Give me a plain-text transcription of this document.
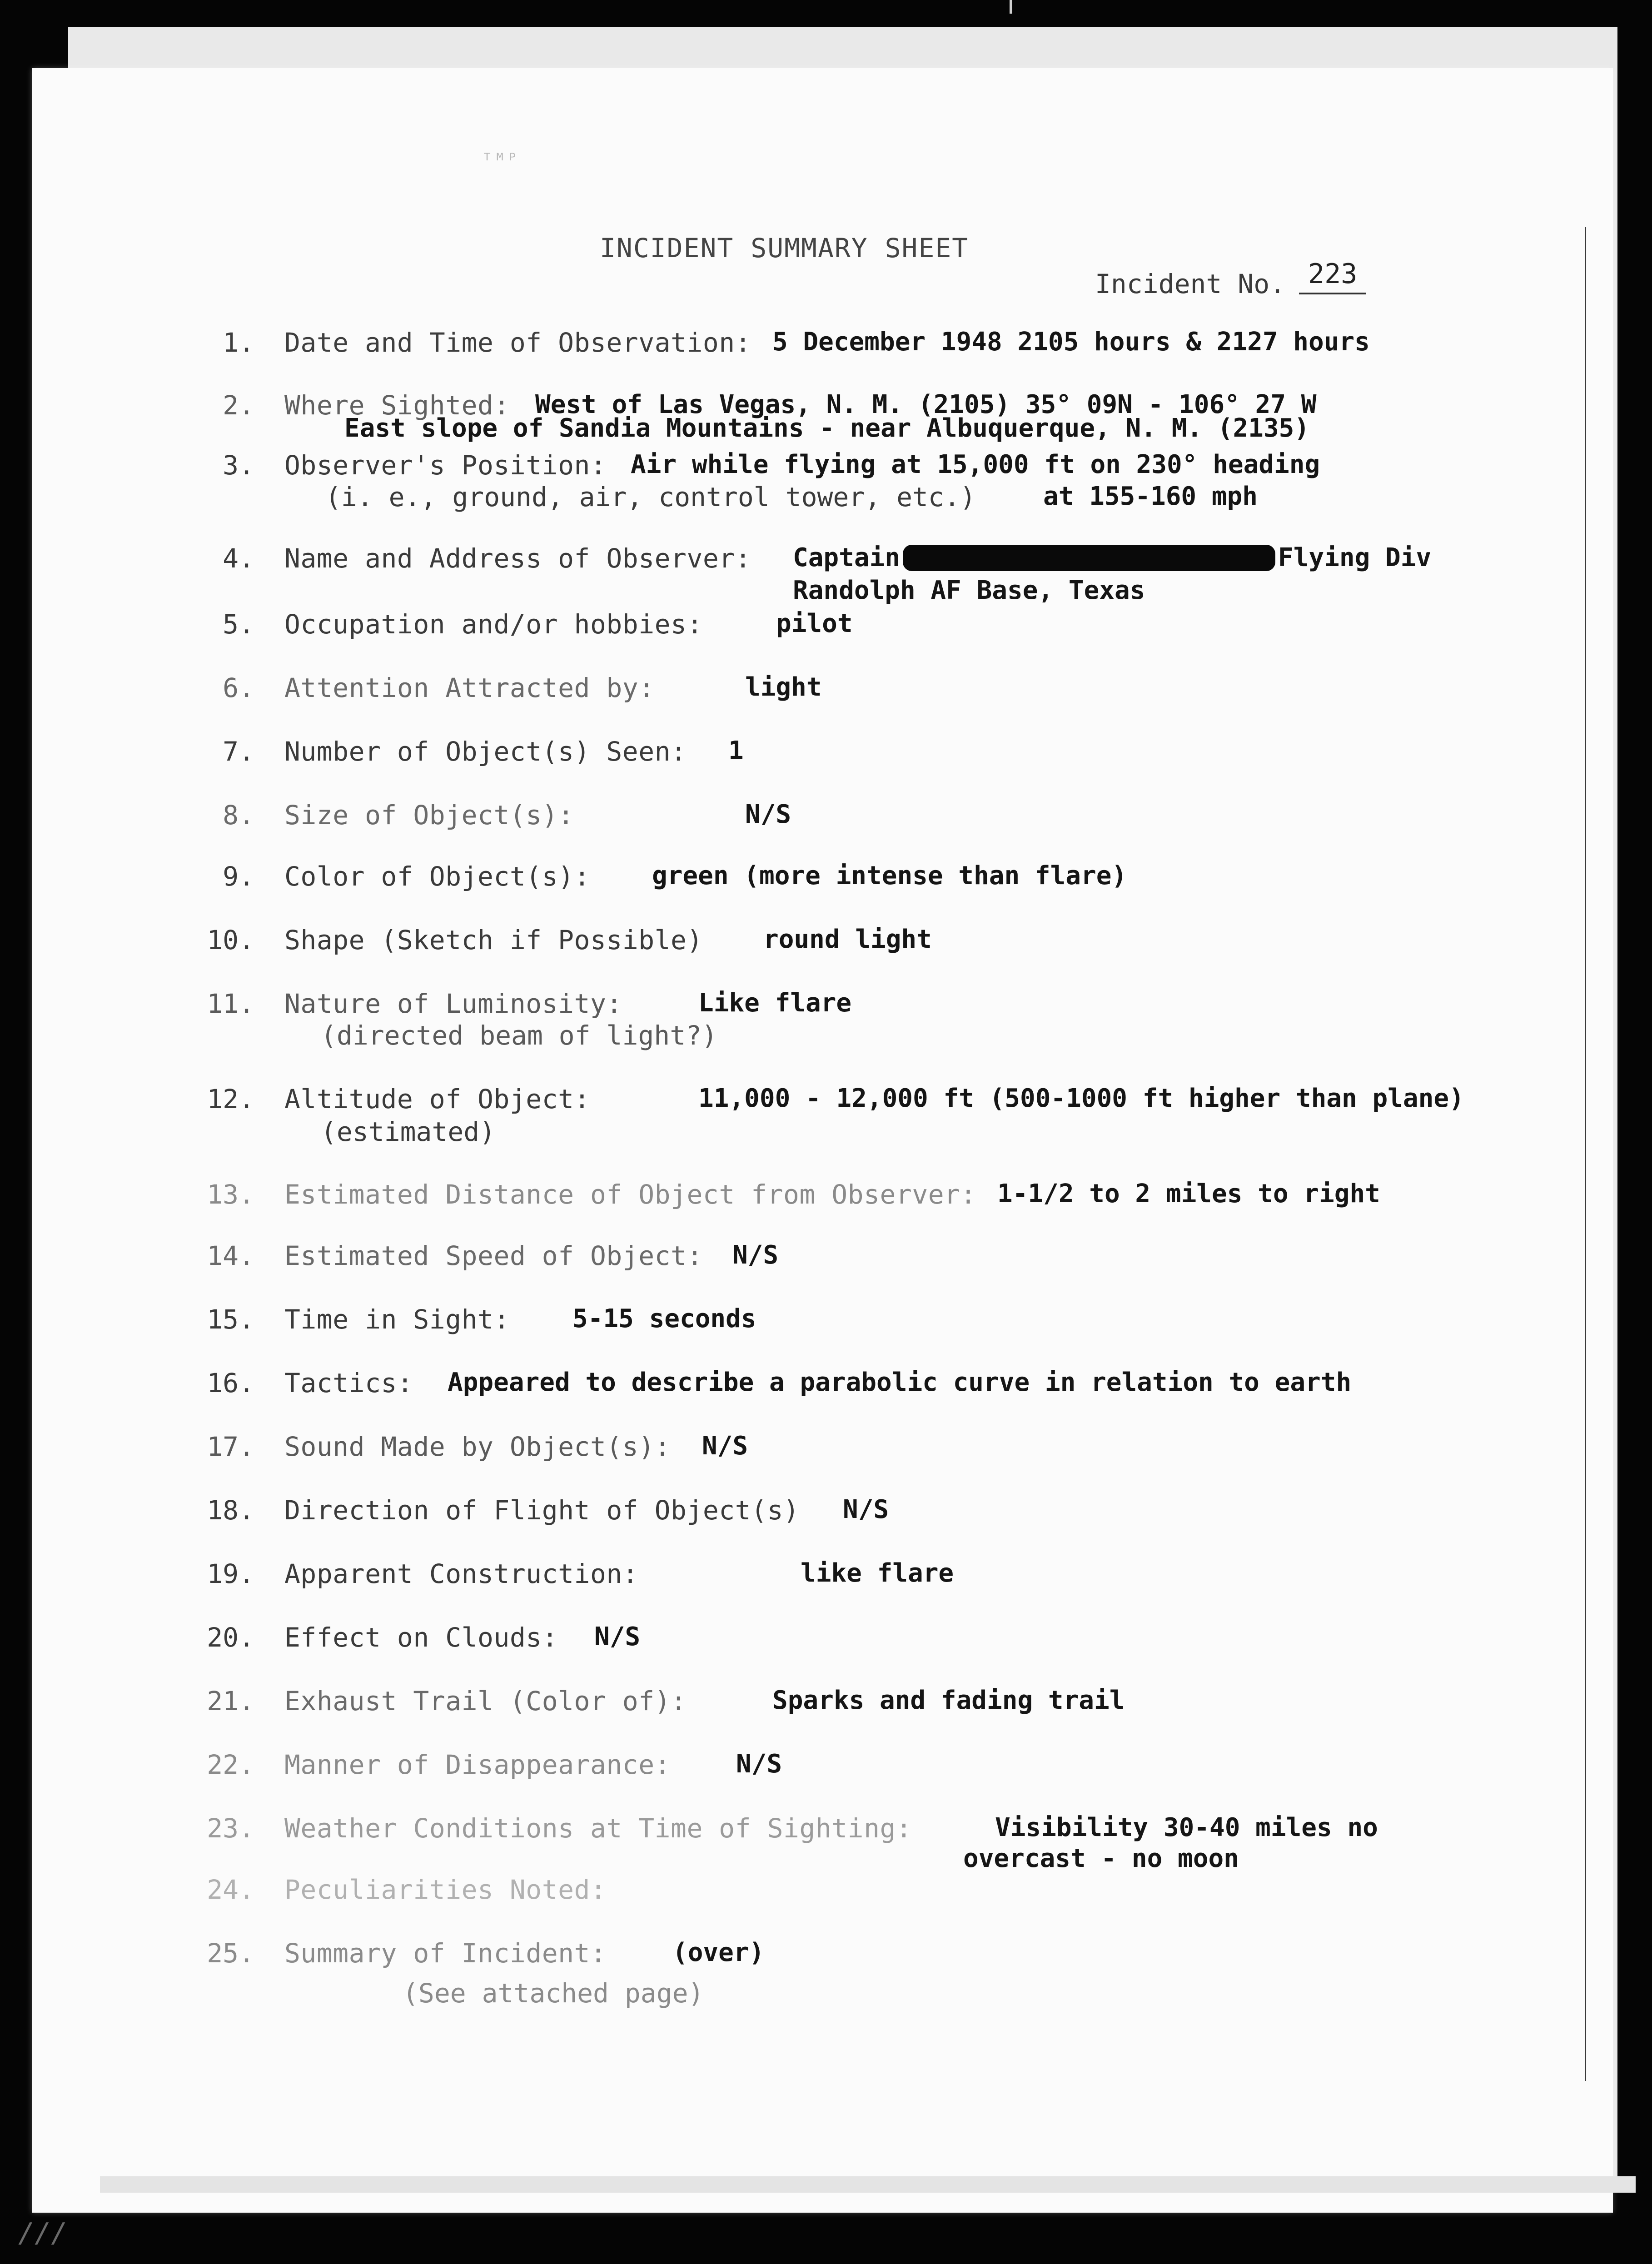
ᵀᴹᴾ
INCIDENT SUMMARY SHEET
Incident No. 223
1. Date and Time of Observation: 5 December 1948 2105 hours & 2127 hours
2. Where Sighted: West of Las Vegas, N. M. (2105) 35° 09N - 106° 27 W
East slope of Sandia Mountains - near Albuquerque, N. M. (2135)
3. Observer's Position: Air while flying at 15,000 ft on 230° heading
at 155-160 mph
(i. e., ground, air, control tower, etc.)
4. Name and Address of Observer: Captain	Flying Div
Randolph AF Base, Texas
5. Occupation and/or hobbies:	pilot
6. Attention Attracted by:	light
7. Number of Object(s) Seen: 1
8. Size of Object(s):	N/S
9. Color of Object(s): green (more intense than flare)
10. Shape (Sketch if Possible) round light
11. Nature of Luminosity:	Like flare
(directed beam of light?)
12. Altitude of Object:	11,000 - 12,000 ft (500-1000 ft higher than plane)
(estimated)
13. Estimated Distance of Object from Observer: 1-1/2 to 2 miles to right
14. Estimated Speed of Object: N/S
15. Time in Sight: 5-15 seconds
16. Tactics: Appeared to describe a parabolic curve in relation to earth
17. Sound Made by Object(s): N/S
18. Direction of Flight of Object(s) N/S
19. Apparent Construction:	like flare
20. Effect on Clouds: N/S
21. Exhaust Trail (Color of):	Sparks and fading trail
22. Manner of Disappearance:	N/S
23. Weather Conditions at Time of Sighting:	Visibility 30-40 miles no
overcast - no moon
24. Peculiarities Noted:
25. Summary of Incident:	(over)
(See attached page)
///
